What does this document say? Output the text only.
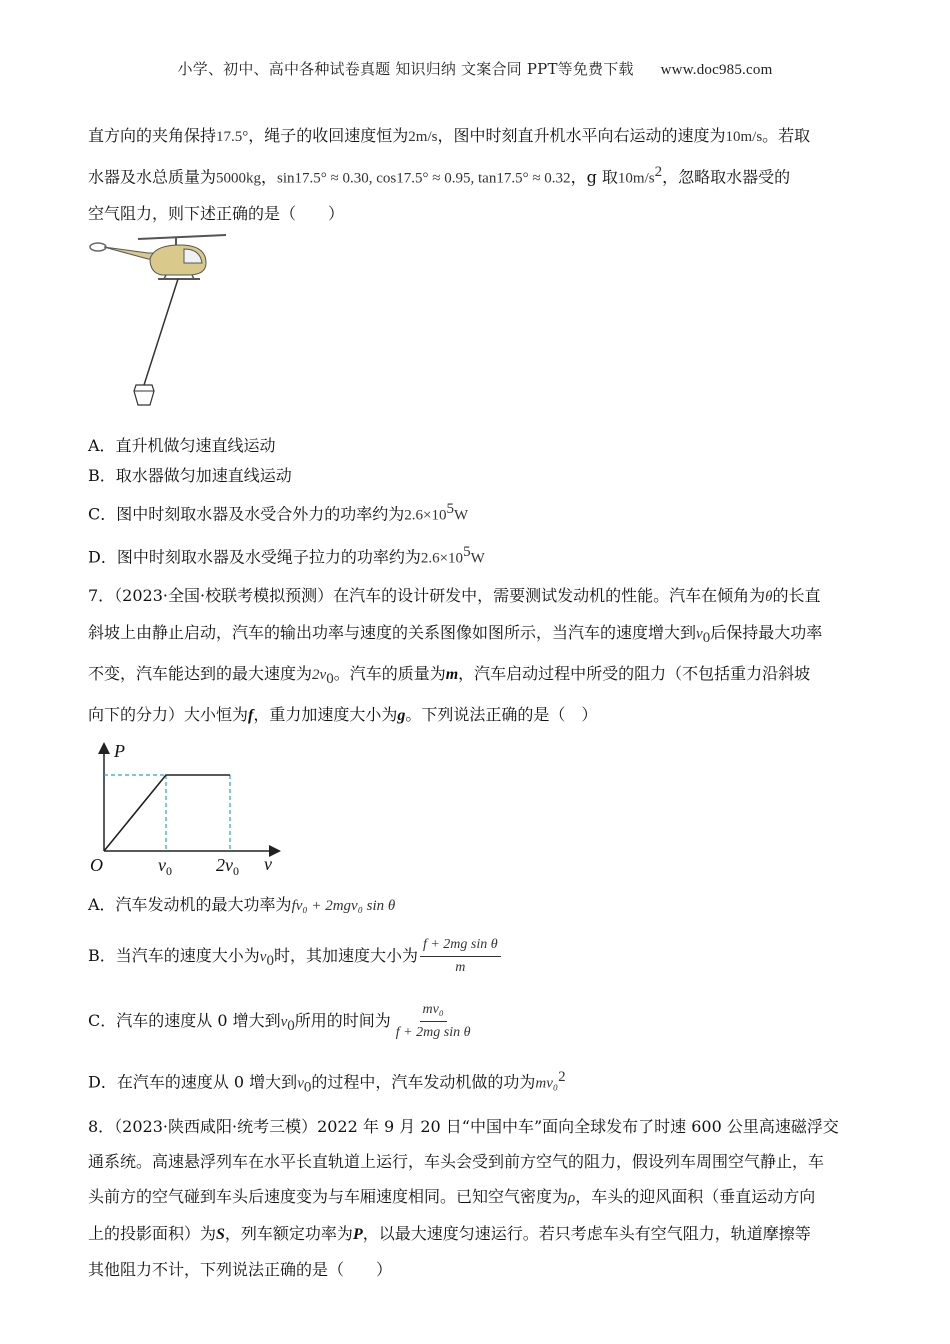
小学、初中、高中各种试卷真题 知识归纳 文案合同 PPT等免费下载 www.doc985.com

直方向的夹角保持17.5°，绳子的收回速度恒为2m/s，图中时刻直升机水平向右运动的速度为10m/s。若取

水器及水总质量为5000kg，sin17.5° ≈ 0.30, cos17.5° ≈ 0.95, tan17.5° ≈ 0.32，g 取$10m/s^2$，忽略取水器受的

空气阻力，则下述正确的是（　　）

A．直升机做匀速直线运动

B．取水器做匀加速直线运动

C．图中时刻取水器及水受合外力的功率约为$2.6\times 10^5W$

D．图中时刻取水器及水受绳子拉力的功率约为$2.6\times 10^5W$

7．（2023·全国·校联考模拟预测）在汽车的设计研发中，需要测试发动机的性能。汽车在倾角为θ的长直

斜坡上由静止启动，汽车的输出功率与速度的关系图像如图所示，当汽车的速度增大到$v_0$后保持最大功率

不变，汽车能达到的最大速度为$2v_0$。汽车的质量为m，汽车启动过程中所受的阻力（不包括重力沿斜坡

向下的分力）大小恒为f，重力加速度大小为g。下列说法正确的是（　）

P
v
O	$v_0$ $2v_0$

A．汽车发动机的最大功率为fv₀ + 2mgv₀ sin θ

B．当汽车的速度大小为$v_0$时，其加速度大小为 $\frac{\text{f + 2mg sin θ}}{m}$

C．汽车的速度从 0 增大到$v_0$所用的时间为 $\frac{\text{mv₀}}{\text{f + 2mg sin θ}}$

D．在汽车的速度从 0 增大到$v_0$的过程中，汽车发动机做的功为mv₀$^2$

8．（2023·陕西咸阳·统考三模）2022 年 9 月 20 日“中国中车”面向全球发布了时速 600 公里高速磁浮交

通系统。高速悬浮列车在水平长直轨道上运行，车头会受到前方空气的阻力，假设列车周围空气静止，车

头前方的空气碰到车头后速度变为与车厢速度相同。已知空气密度为ρ，车头的迎风面积（垂直运动方向

上的投影面积）为S，列车额定功率为P，以最大速度匀速运行。若只考虑车头有空气阻力，轨道摩擦等

其他阻力不计，下列说法正确的是（　　）
